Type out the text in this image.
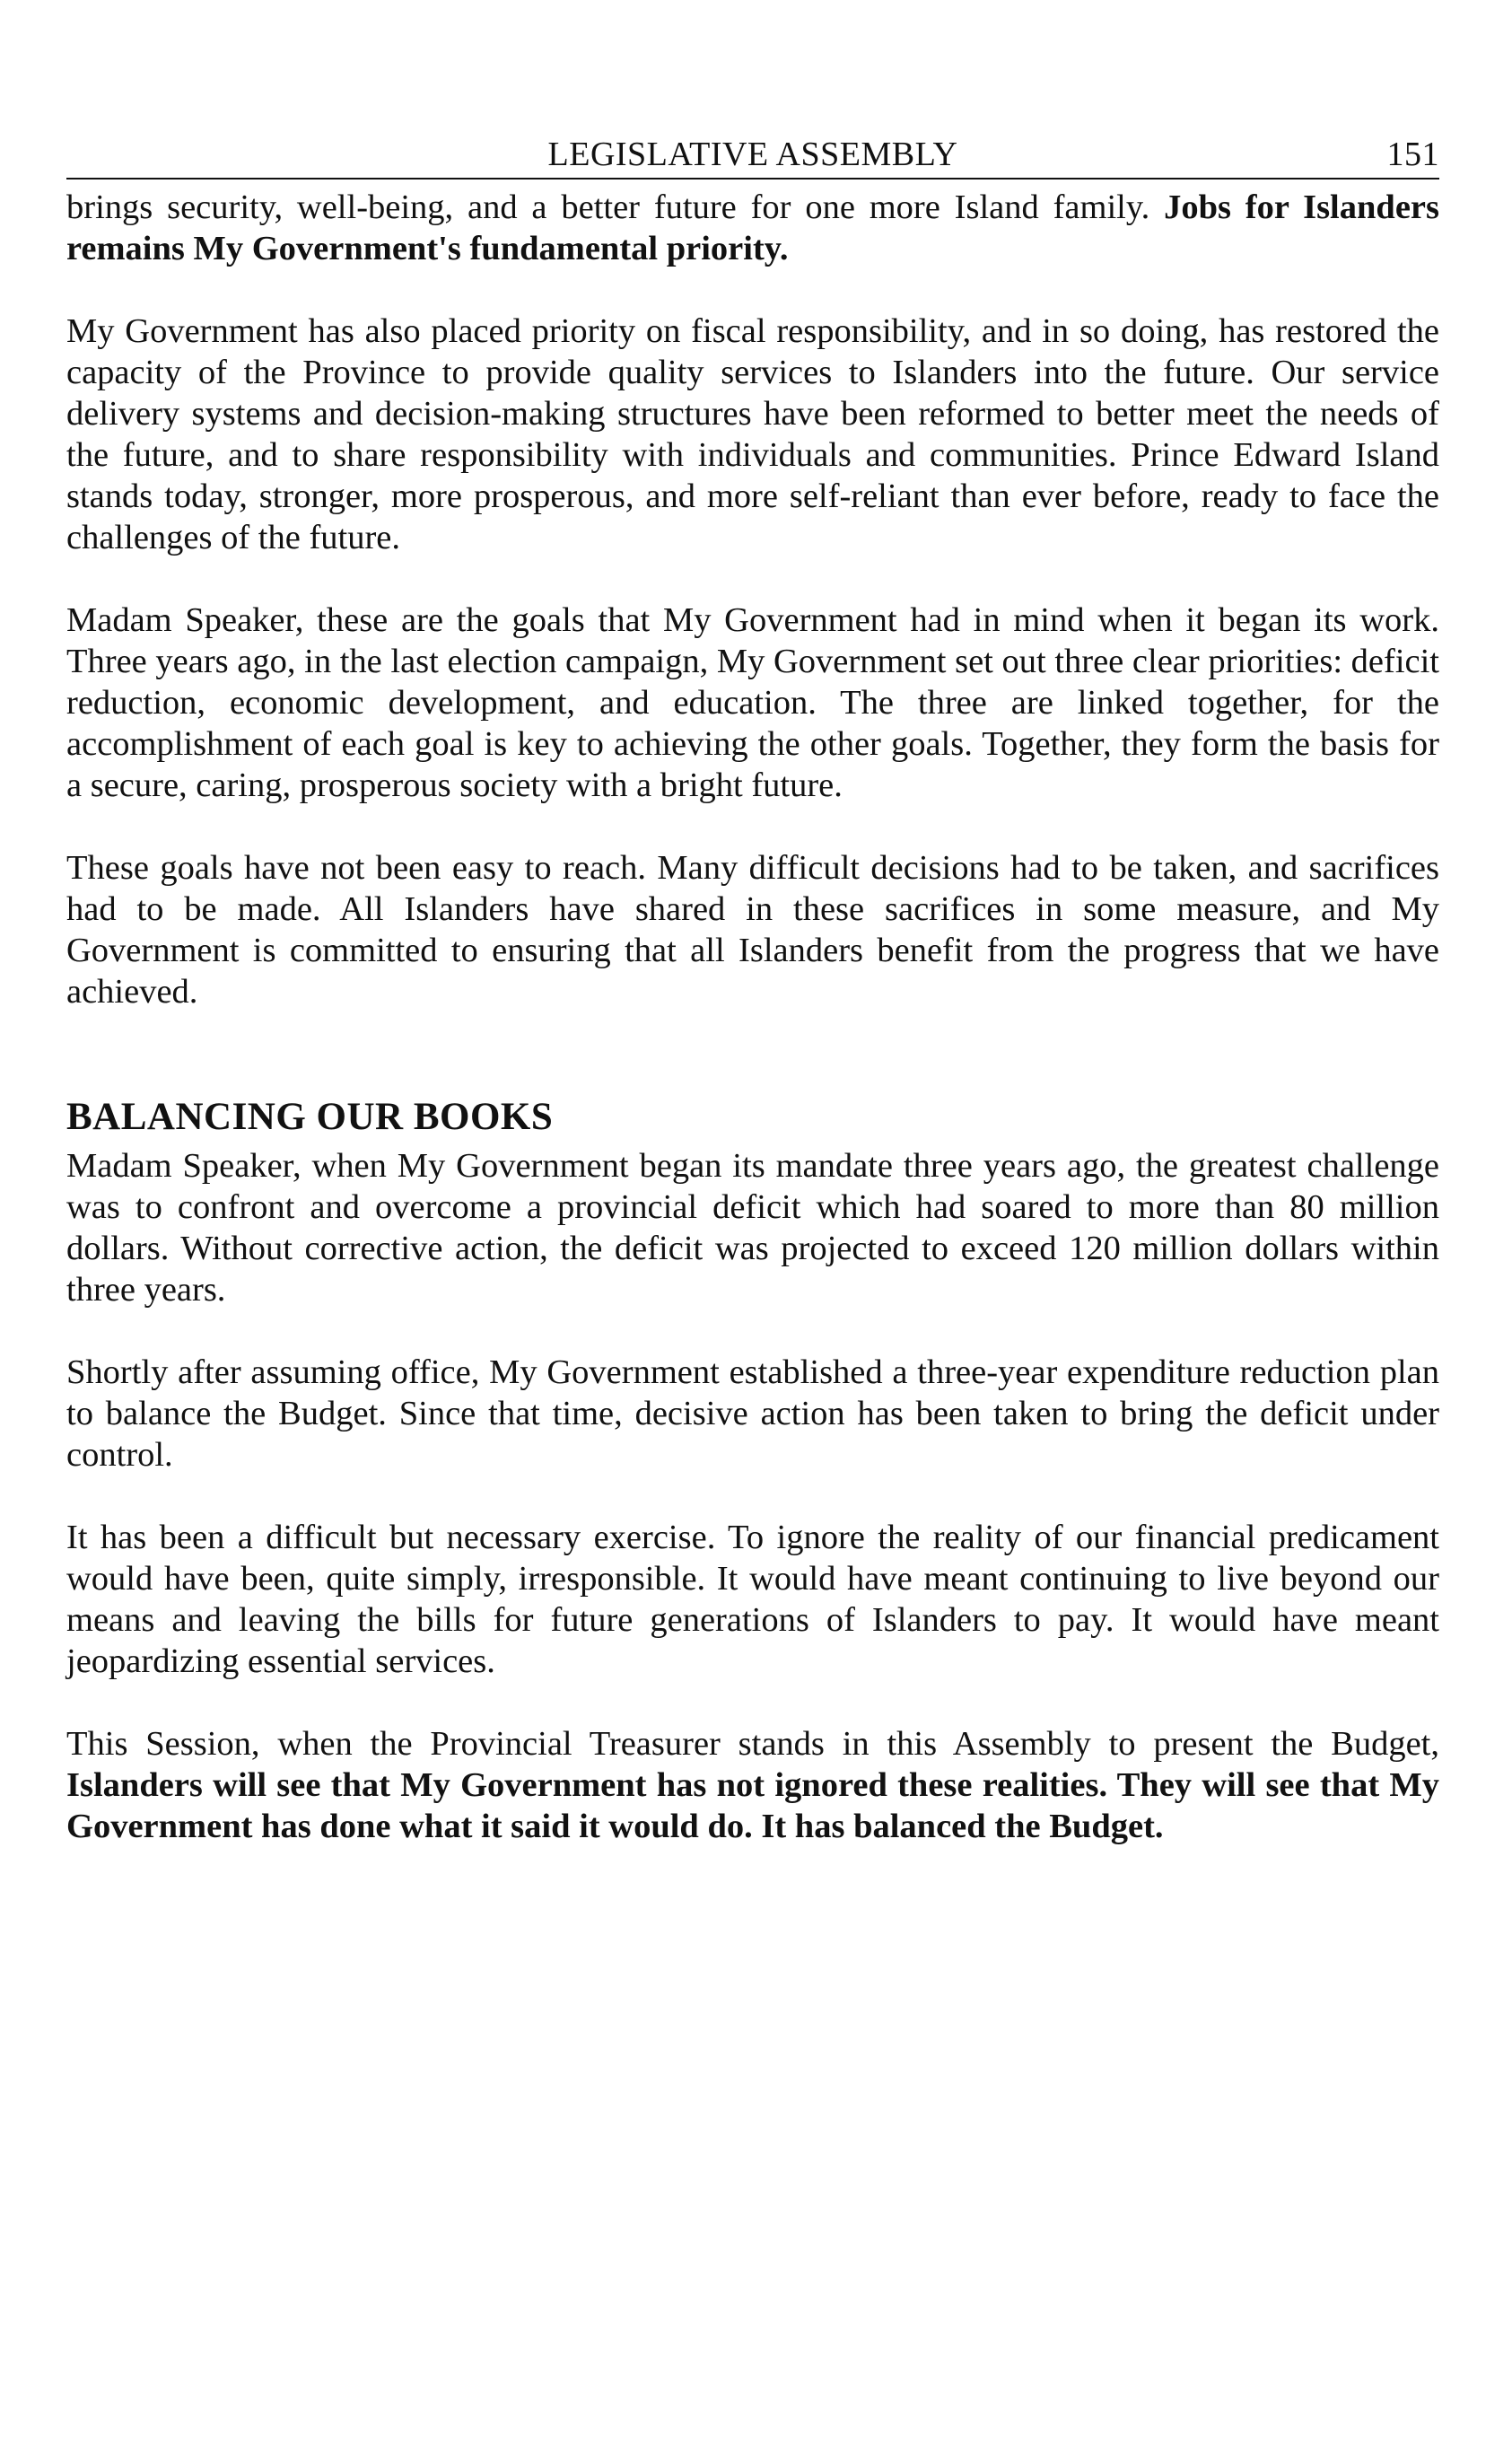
LEGISLATIVE ASSEMBLY	151

brings security, well-being, and a better future for one more Island family. Jobs for Islanders remains My Government's fundamental priority.

My Government has also placed priority on fiscal responsibility, and in so doing, has restored the capacity of the Province to provide quality services to Islanders into the future. Our service delivery systems and decision-making structures have been reformed to better meet the needs of the future, and to share responsibility with individuals and communities. Prince Edward Island stands today, stronger, more prosperous, and more self-reliant than ever before, ready to face the challenges of the future.

Madam Speaker, these are the goals that My Government had in mind when it began its work. Three years ago, in the last election campaign, My Government set out three clear priorities: deficit reduction, economic development, and education. The three are linked together, for the accomplishment of each goal is key to achieving the other goals. Together, they form the basis for a secure, caring, prosperous society with a bright future.

These goals have not been easy to reach. Many difficult decisions had to be taken, and sacrifices had to be made. All Islanders have shared in these sacrifices in some measure, and My Government is committed to ensuring that all Islanders benefit from the progress that we have achieved.

BALANCING OUR BOOKS

Madam Speaker, when My Government began its mandate three years ago, the greatest challenge was to confront and overcome a provincial deficit which had soared to more than 80 million dollars. Without corrective action, the deficit was projected to exceed 120 million dollars within three years.

Shortly after assuming office, My Government established a three-year expenditure reduction plan to balance the Budget. Since that time, decisive action has been taken to bring the deficit under control.

It has been a difficult but necessary exercise. To ignore the reality of our financial predicament would have been, quite simply, irresponsible. It would have meant continuing to live beyond our means and leaving the bills for future generations of Islanders to pay. It would have meant jeopardizing essential services.

This Session, when the Provincial Treasurer stands in this Assembly to present the Budget, Islanders will see that My Government has not ignored these realities. They will see that My Government has done what it said it would do. It has balanced the Budget.
